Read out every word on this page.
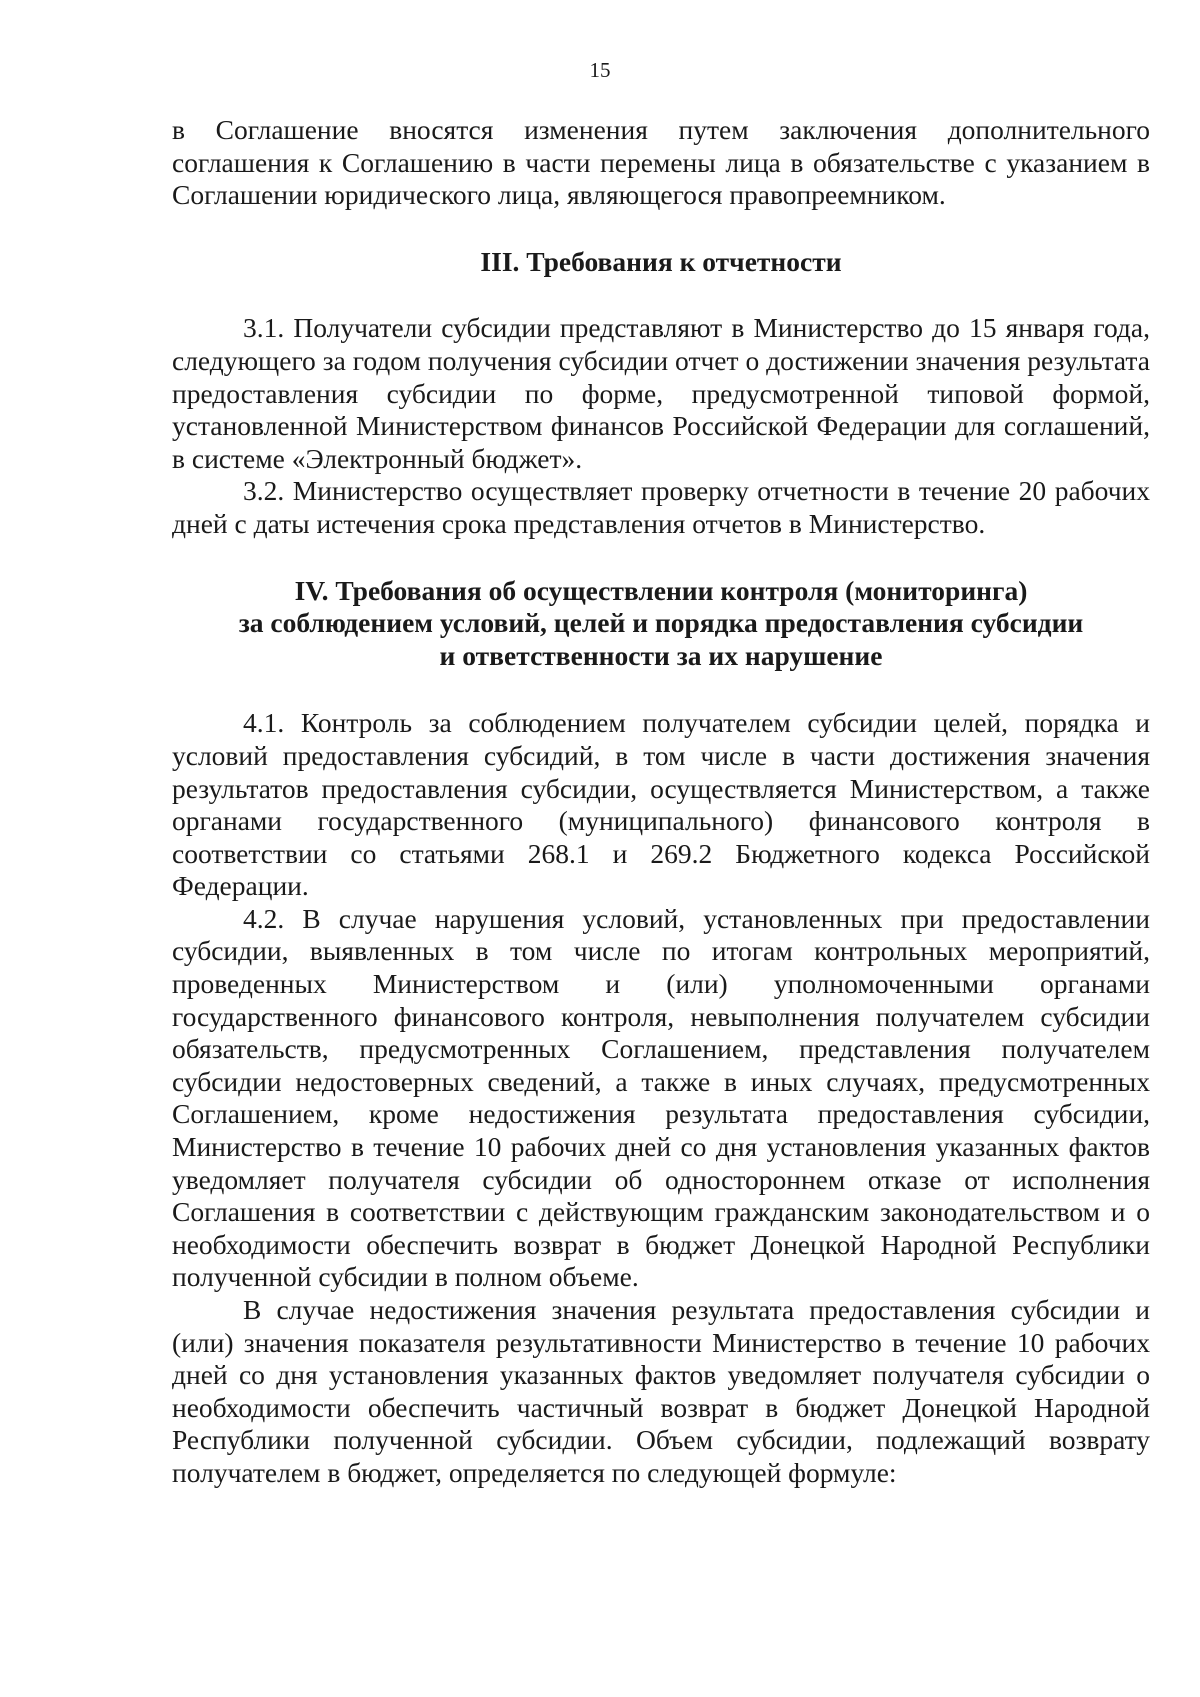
15

в Соглашение вносятся изменения путем заключения дополнительного соглашения к Соглашению в части перемены лица в обязательстве с указанием в Соглашении юридического лица, являющегося правопреемником.

III. Требования к отчетности

3.1. Получатели субсидии представляют в Министерство до 15 января года, следующего за годом получения субсидии отчет о достижении значения результата предоставления субсидии по форме, предусмотренной типовой формой, установленной Министерством финансов Российской Федерации для соглашений, в системе «Электронный бюджет».

3.2. Министерство осуществляет проверку отчетности в течение 20 рабочих дней с даты истечения срока представления отчетов в Министерство.

IV. Требования об осуществлении контроля (мониторинга)
за соблюдением условий, целей и порядка предоставления субсидии
и ответственности за их нарушение

4.1. Контроль за соблюдением получателем субсидии целей, порядка и условий предоставления субсидий, в том числе в части достижения значения результатов предоставления субсидии, осуществляется Министерством, а также органами государственного (муниципального) финансового контроля в соответствии со статьями 268.1 и 269.2 Бюджетного кодекса Российской Федерации.

4.2. В случае нарушения условий, установленных при предоставлении субсидии, выявленных в том числе по итогам контрольных мероприятий, проведенных Министерством и (или) уполномоченными органами государственного финансового контроля, невыполнения получателем субсидии обязательств, предусмотренных Соглашением, представления получателем субсидии недостоверных сведений, а также в иных случаях, предусмотренных Соглашением, кроме недостижения результата предоставления субсидии, Министерство в течение 10 рабочих дней со дня установления указанных фактов уведомляет получателя субсидии об одностороннем отказе от исполнения Соглашения в соответствии с действующим гражданским законодательством и о необходимости обеспечить возврат в бюджет Донецкой Народной Республики полученной субсидии в полном объеме.

В случае недостижения значения результата предоставления субсидии и (или) значения показателя результативности Министерство в течение 10 рабочих дней со дня установления указанных фактов уведомляет получателя субсидии о необходимости обеспечить частичный возврат в бюджет Донецкой Народной Республики полученной субсидии. Объем субсидии, подлежащий возврату получателем в бюджет, определяется по следующей формуле:
